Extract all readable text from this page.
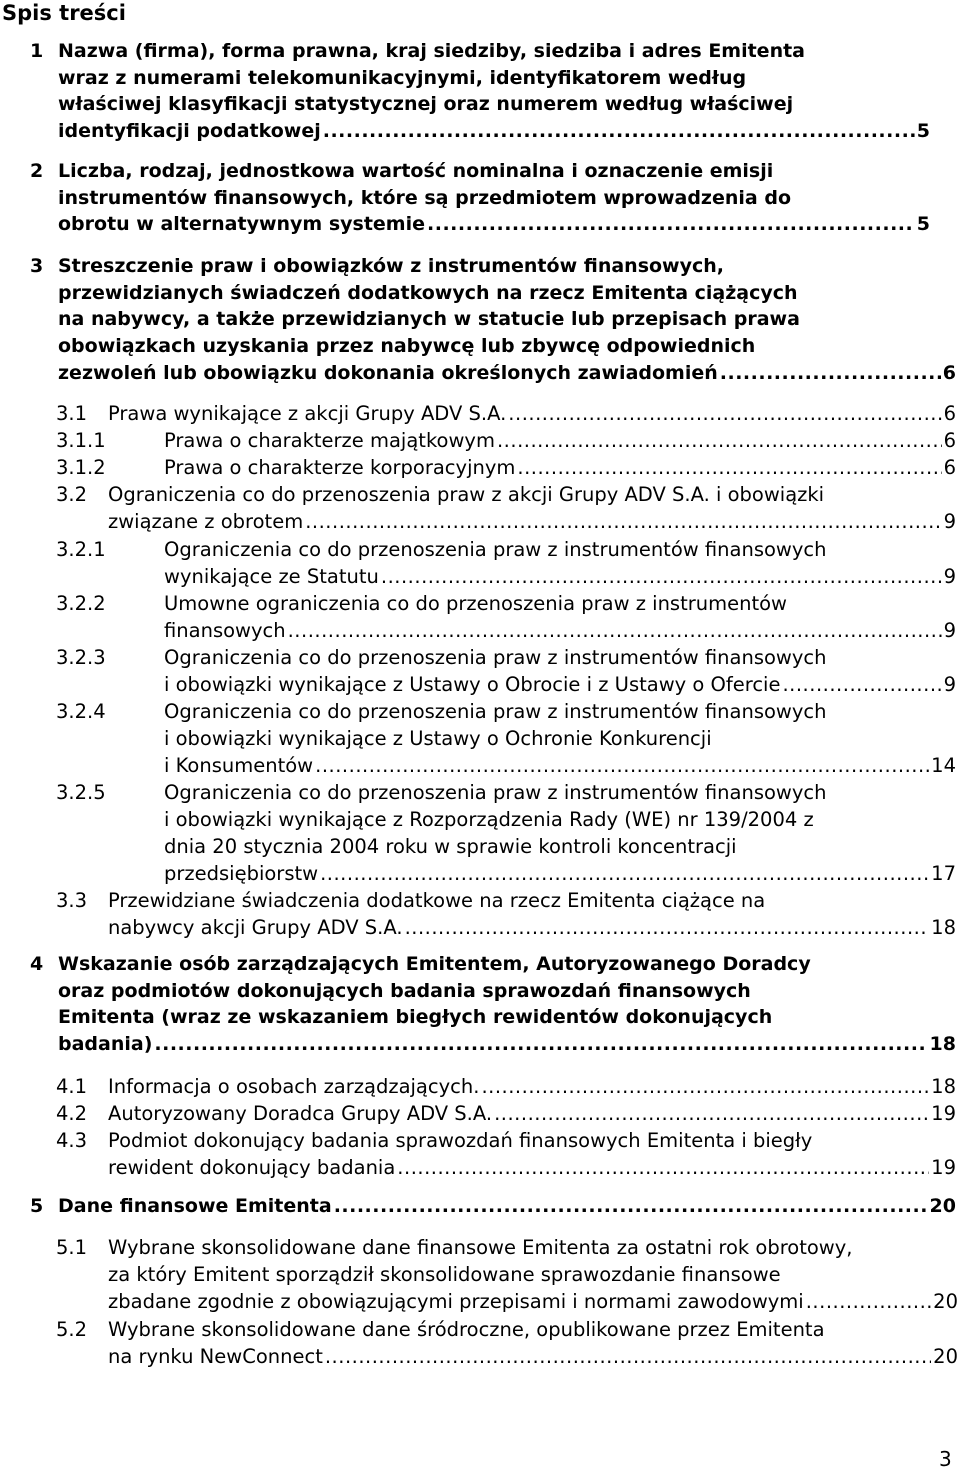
Spis treści
1 Nazwa (firma), forma prawna, kraj siedziby, siedziba i adres Emitenta
wraz z numerami telekomunikacyjnymi, identyfikatorem według
właściwej klasyfikacji statystycznej oraz numerem według właściwej
identyfikacji podatkowej .....	5
2 Liczba, rodzaj, jednostkowa wartość nominalna i oznaczenie emisji
instrumentów finansowych, które są przedmiotem wprowadzenia do
obrotu w alternatywnym systemie .....	5
3 Streszczenie praw i obowiązków z instrumentów finansowych,
przewidzianych świadczeń dodatkowych na rzecz Emitenta ciążących
na nabywcy, a także przewidzianych w statucie lub przepisach prawa
obowiązkach uzyskania przez nabywcę lub zbywcę odpowiednich
zezwoleń lub obowiązku dokonania określonych zawiadomień .....	6
3.1 Prawa wynikające z akcji Grupy ADV S.A. .....	6
3.1.1	Prawa o charakterze majątkowym .....	6
3.1.2	Prawa o charakterze korporacyjnym .....	6
3.2 Ograniczenia co do przenoszenia praw z akcji Grupy ADV S.A. i obowiązki
związane z obrotem .....	9
3.2.1	Ograniczenia co do przenoszenia praw z instrumentów finansowych
wynikające ze Statutu .....	9
3.2.2	Umowne ograniczenia co do przenoszenia praw z instrumentów
finansowych .....	9
3.2.3	Ograniczenia co do przenoszenia praw z instrumentów finansowych
i obowiązki wynikające z Ustawy o Obrocie i z Ustawy o Ofercie .....	9
3.2.4	Ograniczenia co do przenoszenia praw z instrumentów finansowych
i obowiązki wynikające z Ustawy o Ochronie Konkurencji
i Konsumentów .....	14
3.2.5	Ograniczenia co do przenoszenia praw z instrumentów finansowych
i obowiązki wynikające z Rozporządzenia Rady (WE) nr 139/2004 z
dnia 20 stycznia 2004 roku w sprawie kontroli koncentracji
przedsiębiorstw .....	17
3.3 Przewidziane świadczenia dodatkowe na rzecz Emitenta ciążące na
nabywcy akcji Grupy ADV S.A. .....	18
4 Wskazanie osób zarządzających Emitentem, Autoryzowanego Doradcy
oraz podmiotów dokonujących badania sprawozdań finansowych
Emitenta (wraz ze wskazaniem biegłych rewidentów dokonujących
badania) .....	18
4.1 Informacja o osobach zarządzających. .....	18
4.2 Autoryzowany Doradca Grupy ADV S.A. .....	19
4.3 Podmiot dokonujący badania sprawozdań finansowych Emitenta i biegły
rewident dokonujący badania .....	19
5 Dane finansowe Emitenta .....	20
5.1 Wybrane skonsolidowane dane finansowe Emitenta za ostatni rok obrotowy,
za który Emitent sporządził skonsolidowane sprawozdanie finansowe
zbadane zgodnie z obowiązującymi przepisami i normami zawodowymi .....	20
5.2 Wybrane skonsolidowane dane śródroczne, opublikowane przez Emitenta
na rynku NewConnect .....	20
3
